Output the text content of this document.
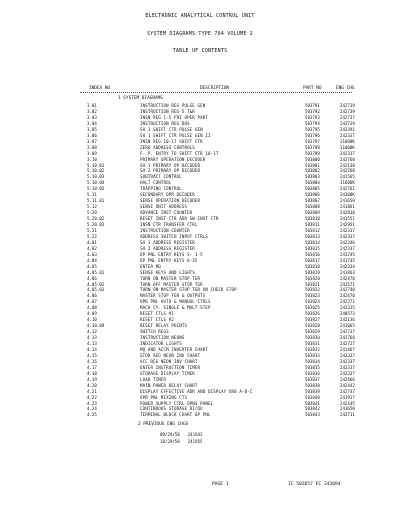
ELECTRONIC ANALYTICAL CONTROL UNIT
SYSTEM DIAGRAMS TYPE 704 VOLUME 2
TABLE OF CONTENTS
INDEX NO	DESCRIPTION	PART NO	ENG CHG
1 SYSTEM DIAGRAMS
3.01	INSTRUCTION REG PULSE GEN	503791	242739
3.02	INSTRUCTION REG 5 T&R	503792	242739
3.03	INSN REG 1-5 FRI OPER PART	503793	242737
3.04	INSTRUCTION REG DOS	503794	242739
3.05	SH 1 SHIFT CTR PULSE GEN	503795	242391
3.06	SH 1 SHIFT CTR PULSE GEN II	503796	242337
3.07	INSN REG 10-17 SHIFT CTR	503797	31600K
3.08	ZERO ADDRESS CONTROLS	503798	31600K
3.09	F. P. ENTRY TO SHIFT CTR 10-17	503799	242337
3.10	PRIMARY OPERATION DECODER	503800	242760
5.10.01	SH 1 PRIMARY OP DECODER	503801	242130
5.10.02	SH 2 PRIMARY OP DECODER	503802	242760
5.10.03	SUBTRACT CONTROL	503803	241565
5.10.04	HALT CONTROL	503804	31600K
5.10.05	TRAPPING CONTROL	503805	242761
5.11	SECONDARY OPR DECODER	503806	24300K
5.11.01	SENSE OPERATION DECODER	503807	241658
5.12	SENSE UNIT ADDRESS	503808	241861
5.20	ADVANCE INST COUNTER	503809	242810
5.20.02	RESET INST-CTR ADR SW-INST CTR	503810	241551
5.20.03	INSN CTR TRANSFER CTRL	503811	242951
5.21	INSTRUCTION COUNTER	503812	242337
5.22	ADDRESS SWITCH INPUT CTRLS	503813	242337
4.01	SH 1 ADDRESS REGISTER	503814	242346
4.02	SH 2 ADDRESS REGISTER	503815	242337
4.03	OP PNL ENTRY KEYS S- 1-5	503816	241745
4.04	OP PNL ENTRY KEYS 6-35	503817	241745
4.05	ENTER MQ	503818	242334
4.05.01	SENSE KEYS AND LIGHTS	503819	241863
4.06	TURN ON MASTER STOP TGR	503820	242470
4.05.02	TURN OFF MASTER STOP TGR	503821	242571
4.05.03	TURN ON MASTER STOP TGR ON CHECK STOP	503822	242740
4.06	MASTER STOP TGR & OUTPUTS	503823	242470
4.07	OPR PNL AUTO & MANUAL CTRLS	503824	242371
4.08	MACH CY. SINGLE & MULT STEP	503825	242335
4.09	RESET CTLS #1	503826	240573
4.10	RESET CTLS #2	503827	242136
4.10.09	RESET RELAY POINTS	503828	241065
4.12	SWITCH REGS	503829	242737
4.13	INSTRUCTION NEONS	503830	242760
4.13	INDICATOR LIGHTS	503831	242727
4.14	MQ AND ACCM INVERTER CHART	503832	241467
4.15	STOR REG NEON INV CHART	503833	242337
4.16	ACC REG NEON INV CHART	503834	242337
4.17	ENTER INSTRUCTION TIMER	503835	242337
4.18	STORAGE DISPLAY TIMER	503836	242337
4.19	LOAD TIMER	503837	242466
4.20	MAIN POWER RELAY CHART	503838	242442
4.21	DISPLAY EFFECTIVE ADR AND DISPLAY XR8 A-B-C	503839	242747
4.22	OPR PNL MIXING CTS	503840	241917
4.23	POWER SUPPLY CTRL OPNS PANEL	503841	242445
4.24	CONTINUOUS STORAGE RI/OU	503842	241650
4.25	TERMINAL BLOCK CHART OP PNL	503843	242711
2 PREVIOUS ENG CHGS
09/29/58 241843
10/29/58 241955
PAGE 1	IC 503657 EC 243094
